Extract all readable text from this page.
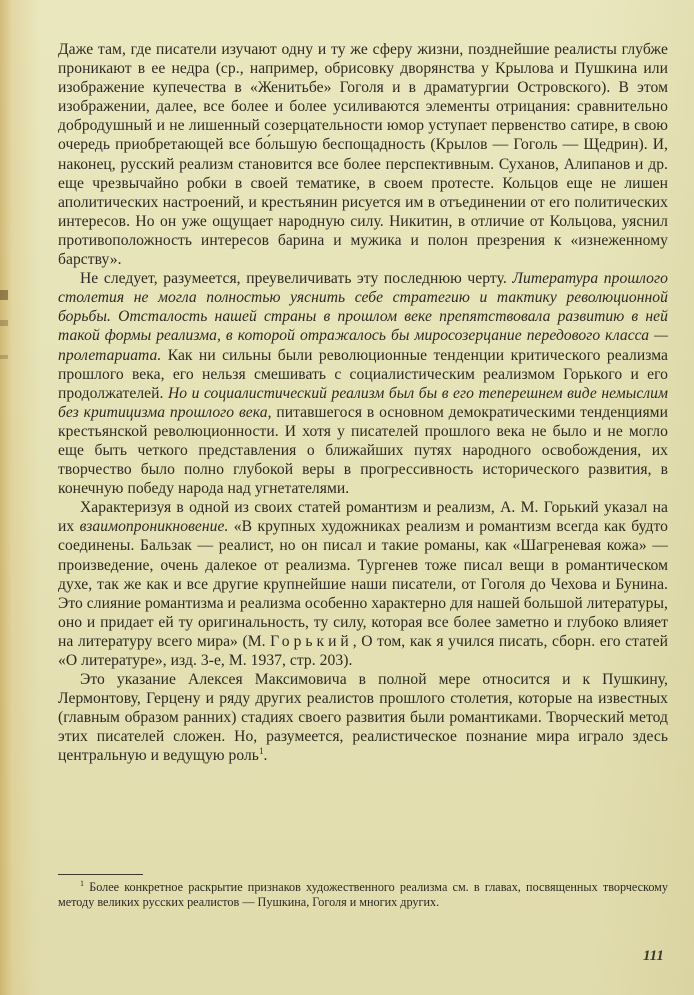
Даже там, где писатели изучают одну и ту же сферу жизни, позднейшие реалисты глубже проникают в ее недра (ср., например, обрисовку дворянства у Крылова и Пушкина или изображение купечества в «Женитьбе» Гоголя и в драматургии Островского). В этом изображении, далее, все более и более усиливаются элементы отрицания: сравнительно добродушный и не лишенный созерцательности юмор уступает первенство сатире, в свою очередь приобретающей все бо́льшую беспощадность (Крылов — Гоголь — Щедрин). И, наконец, русский реализм становится все более перспективным. Суханов, Алипанов и др. еще чрезвычайно робки в своей тематике, в своем протесте. Кольцов еще не лишен аполитических настроений, и крестьянин рисуется им в отъединении от его политических интересов. Но он уже ощущает народную силу. Никитин, в отличие от Кольцова, уяснил противоположность интересов барина и мужика и полон презрения к «изнеженному барству».

Не следует, разумеется, преувеличивать эту последнюю черту. Литература прошлого столетия не могла полностью уяснить себе стратегию и тактику революционной борьбы. Отсталость нашей страны в прошлом веке препятствовала развитию в ней такой формы реализма, в которой отражалось бы миросозерцание передового класса — пролетариата. Как ни сильны были революционные тенденции критического реализма прошлого века, его нельзя смешивать с социалистическим реализмом Горького и его продолжателей. Но и социалистический реализм был бы в его теперешнем виде немыслим без критицизма прошлого века, питавшегося в основном демократическими тенденциями крестьянской революционности. И хотя у писателей прошлого века не было и не могло еще быть четкого представления о ближайших путях народного освобождения, их творчество было полно глубокой веры в прогрессивность исторического развития, в конечную победу народа над угнетателями.

Характеризуя в одной из своих статей романтизм и реализм, А. М. Горький указал на их взаимопроникновение. «В крупных художниках реализм и романтизм всегда как будто соединены. Бальзак — реалист, но он писал и такие романы, как «Шагреневая кожа» — произведение, очень далекое от реализма. Тургенев тоже писал вещи в романтическом духе, так же как и все другие крупнейшие наши писатели, от Гоголя до Чехова и Бунина. Это слияние романтизма и реализма особенно характерно для нашей большой литературы, оно и придает ей ту оригинальность, ту силу, которая все более заметно и глубоко влияет на литературу всего мира» (М. Горький, О том, как я учился писать, сборн. его статей «О литературе», изд. 3-е, М. 1937, стр. 203).

Это указание Алексея Максимовича в полной мере относится и к Пушкину, Лермонтову, Герцену и ряду других реалистов прошлого столетия, которые на известных (главным образом ранних) стадиях своего развития были романтиками. Творческий метод этих писателей сложен. Но, разумеется, реалистическое познание мира играло здесь центральную и ведущую роль$^1$.

$^1$ Более конкретное раскрытие признаков художественного реализма см. в главах, посвященных творческому методу великих русских реалистов — Пушкина, Гоголя и многих других.

111
